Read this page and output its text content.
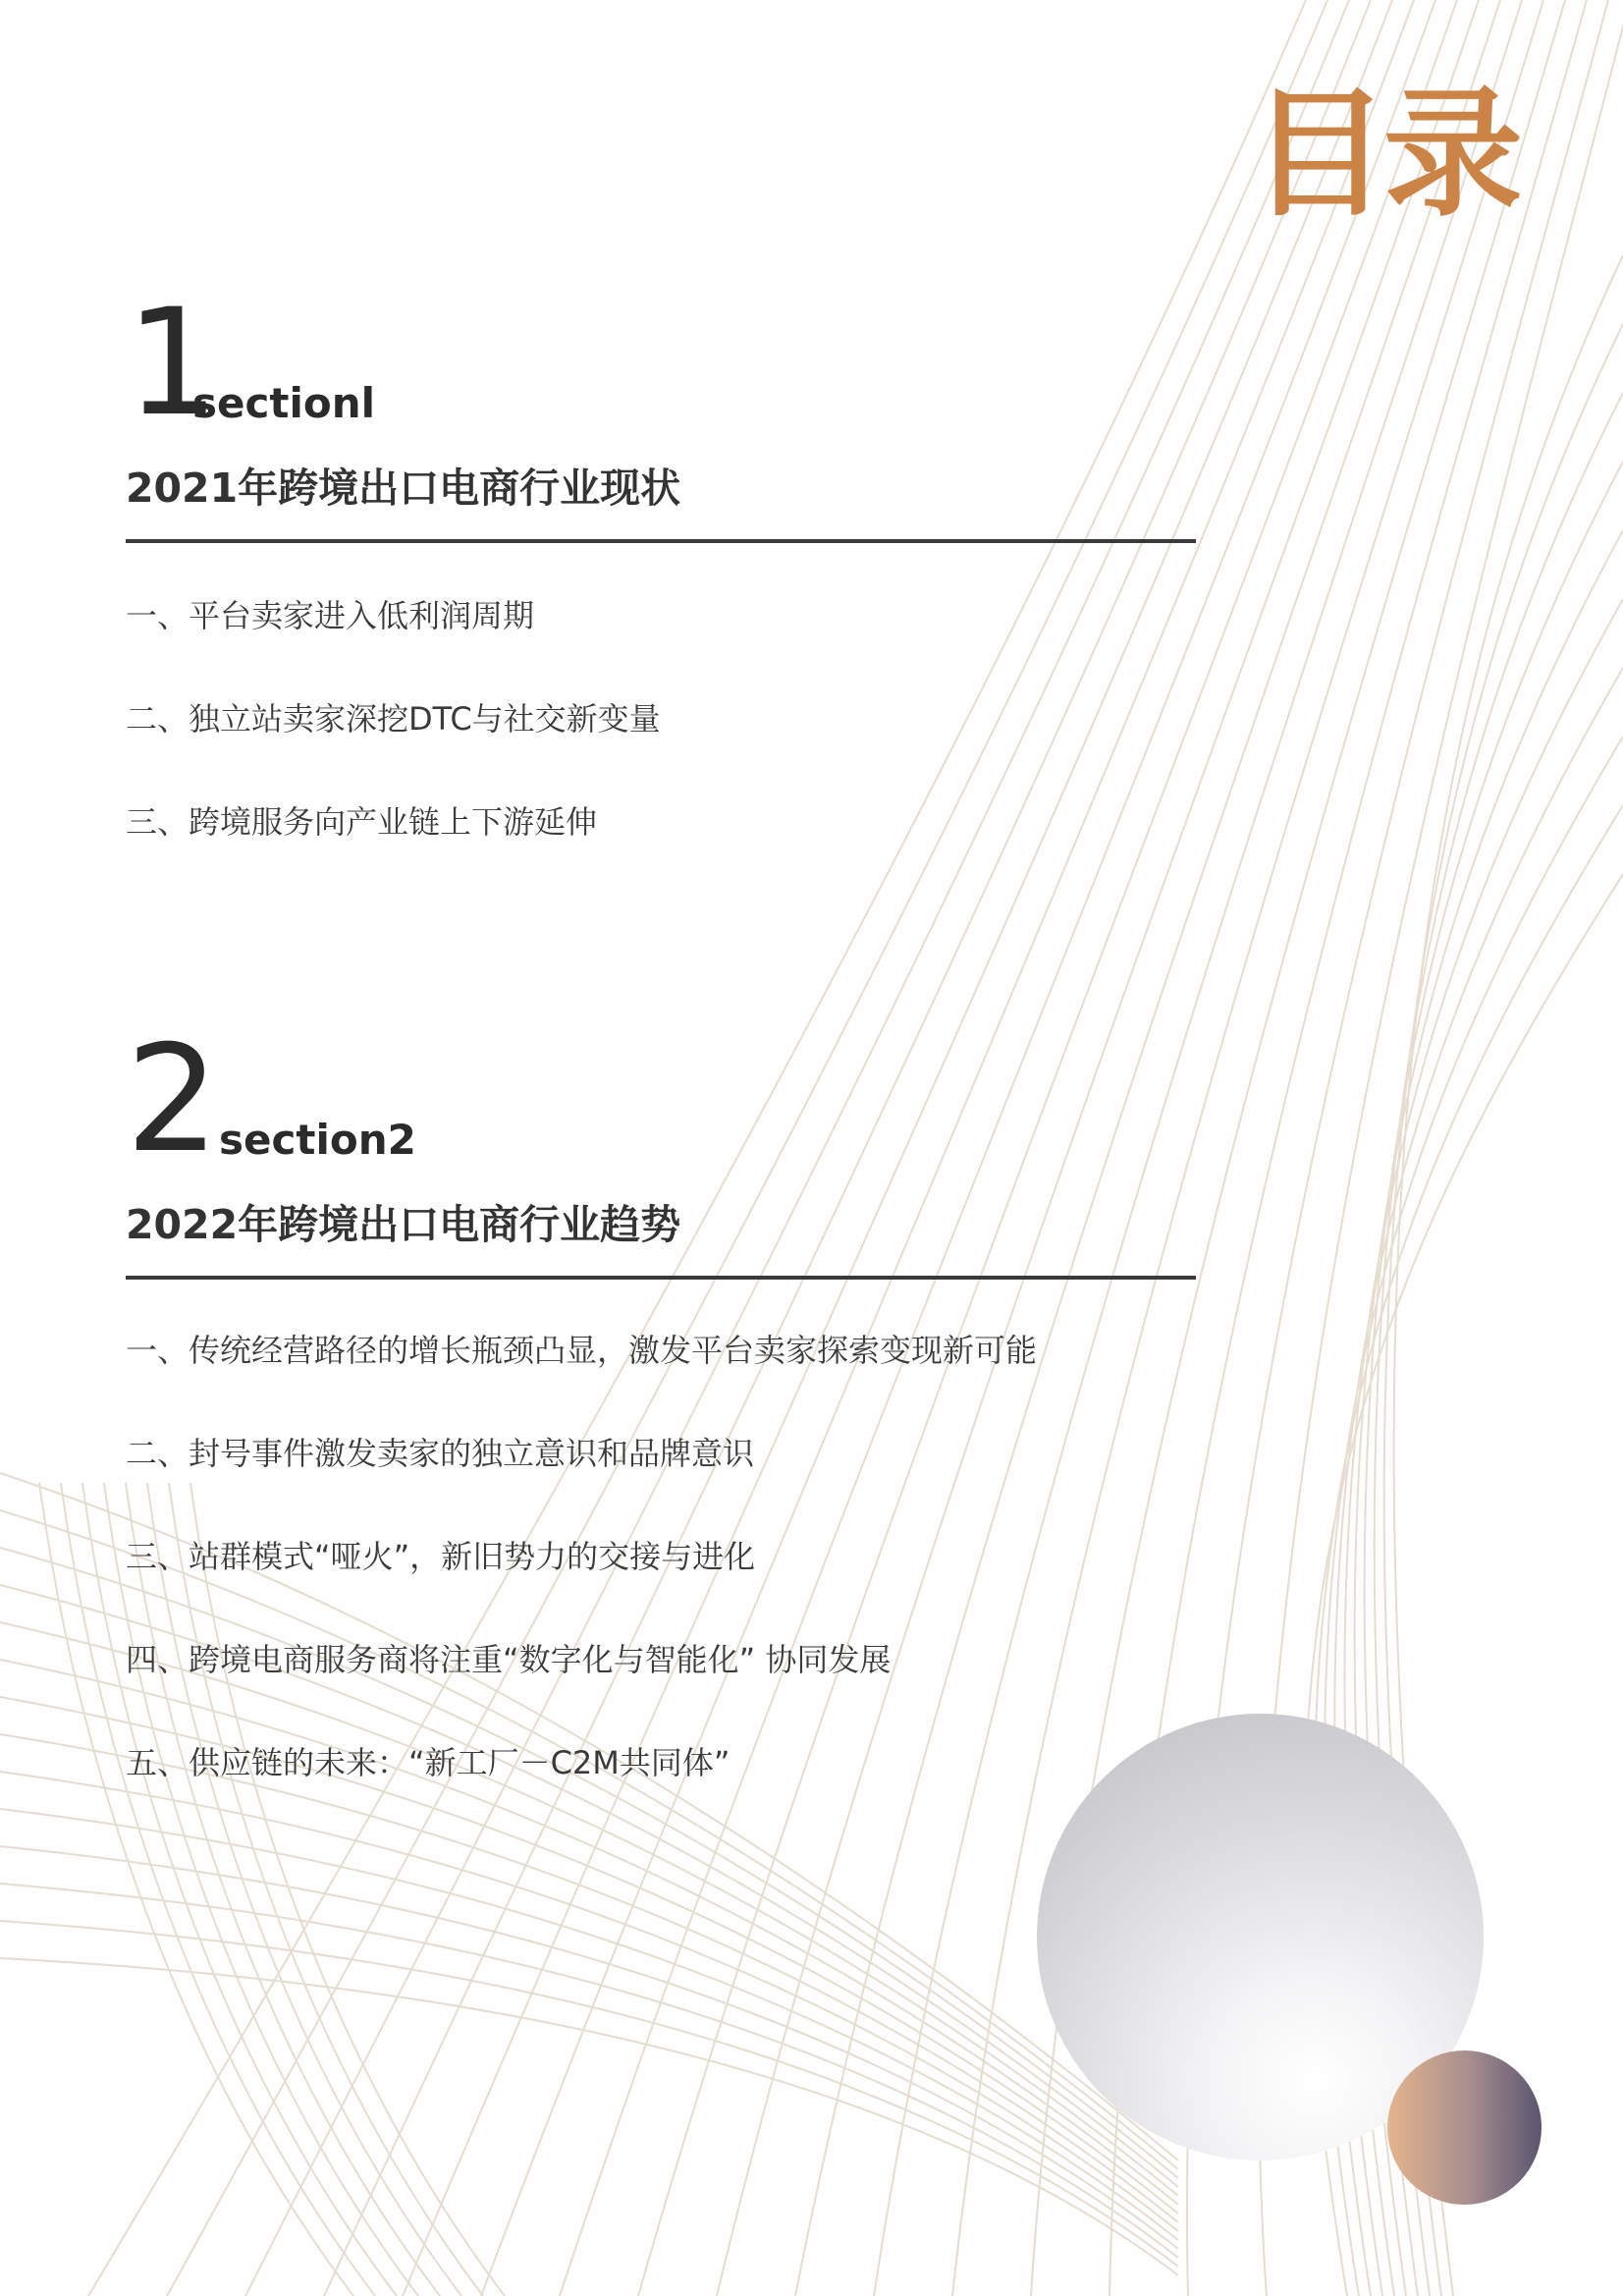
目录
1
sectionl
2021年跨境出口电商行业现状
一、平台卖家进入低利润周期
二、独立站卖家深挖DTC与社交新变量
三、跨境服务向产业链上下游延伸
2 section2
2022年跨境出口电商行业趋势
一、传统经营路径的增长瓶颈凸显，激发平台卖家探索变现新可能
二、封号事件激发卖家的独立意识和品牌意识
三、站群模式“哑火”，新旧势力的交接与进化
四、跨境电商服务商将注重“数字化与智能化” 协同发展
五、供应链的未来：“新工厂－C2M共同体”
